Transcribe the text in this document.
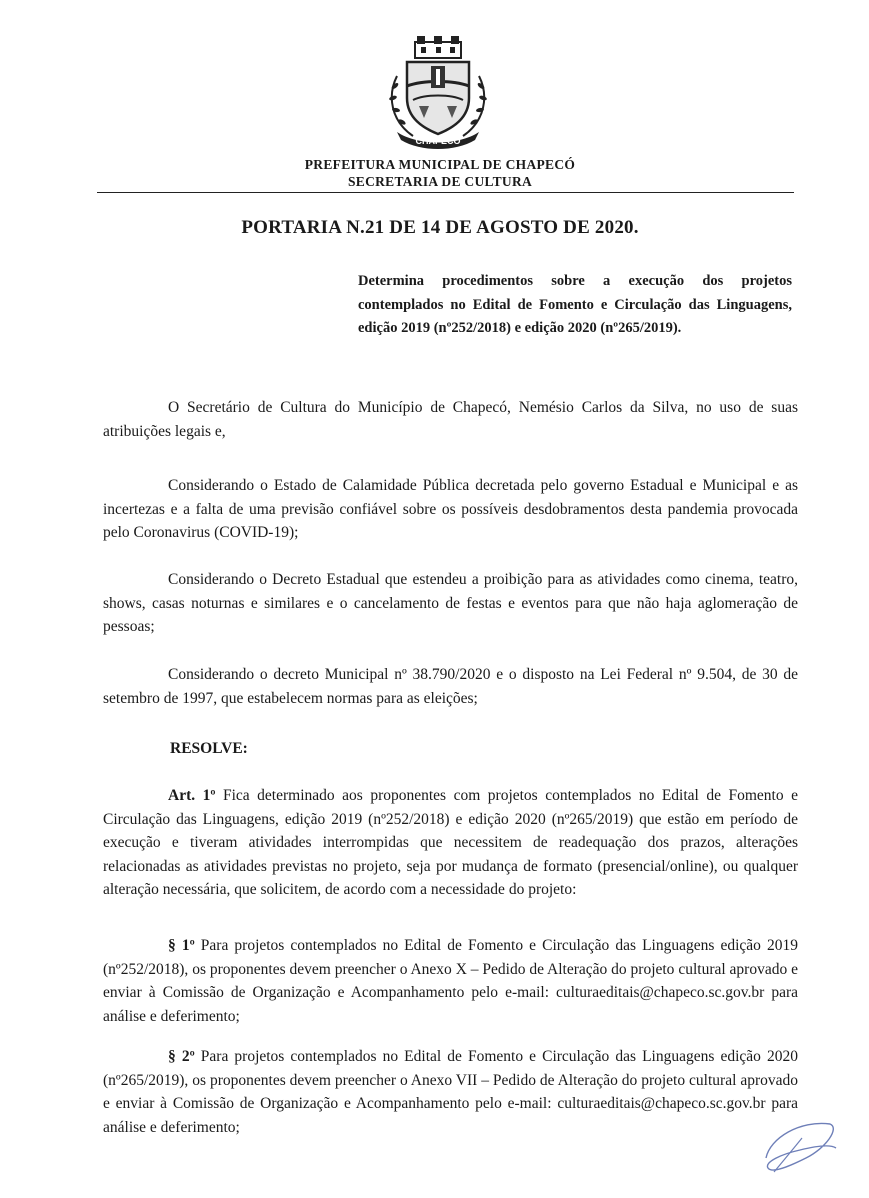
CHAPECÓ
PREFEITURA MUNICIPAL DE CHAPECÓ
SECRETARIA DE CULTURA
PORTARIA N.21 DE 14 DE AGOSTO DE 2020.
Determina procedimentos sobre a execução dos projetos contemplados no Edital de Fomento e Circulação das Linguagens, edição 2019 (nº252/2018) e edição 2020 (nº265/2019).

O Secretário de Cultura do Município de Chapecó, Nemésio Carlos da Silva, no uso de suas atribuições legais e,

Considerando o Estado de Calamidade Pública decretada pelo governo Estadual e Municipal e as incertezas e a falta de uma previsão confiável sobre os possíveis desdobramentos desta pandemia provocada pelo Coronavirus (COVID-19);

Considerando o Decreto Estadual que estendeu a proibição para as atividades como cinema, teatro, shows, casas noturnas e similares e o cancelamento de festas e eventos para que não haja aglomeração de pessoas;

Considerando o decreto Municipal nº 38.790/2020 e o disposto na Lei Federal nº 9.504, de 30 de setembro de 1997, que estabelecem normas para as eleições;

RESOLVE:

Art. 1º Fica determinado aos proponentes com projetos contemplados no Edital de Fomento e Circulação das Linguagens, edição 2019 (nº252/2018) e edição 2020 (nº265/2019) que estão em período de execução e tiveram atividades interrompidas que necessitem de readequação dos prazos, alterações relacionadas as atividades previstas no projeto, seja por mudança de formato (presencial/online), ou qualquer alteração necessária, que solicitem, de acordo com a necessidade do projeto:

§ 1º Para projetos contemplados no Edital de Fomento e Circulação das Linguagens edição 2019 (nº252/2018), os proponentes devem preencher o Anexo X – Pedido de Alteração do projeto cultural aprovado e enviar à Comissão de Organização e Acompanhamento pelo e-mail: culturaeditais@chapeco.sc.gov.br para análise e deferimento;

§ 2º Para projetos contemplados no Edital de Fomento e Circulação das Linguagens edição 2020 (nº265/2019), os proponentes devem preencher o Anexo VII – Pedido de Alteração do projeto cultural aprovado e enviar à Comissão de Organização e Acompanhamento pelo e-mail: culturaeditais@chapeco.sc.gov.br para análise e deferimento;
